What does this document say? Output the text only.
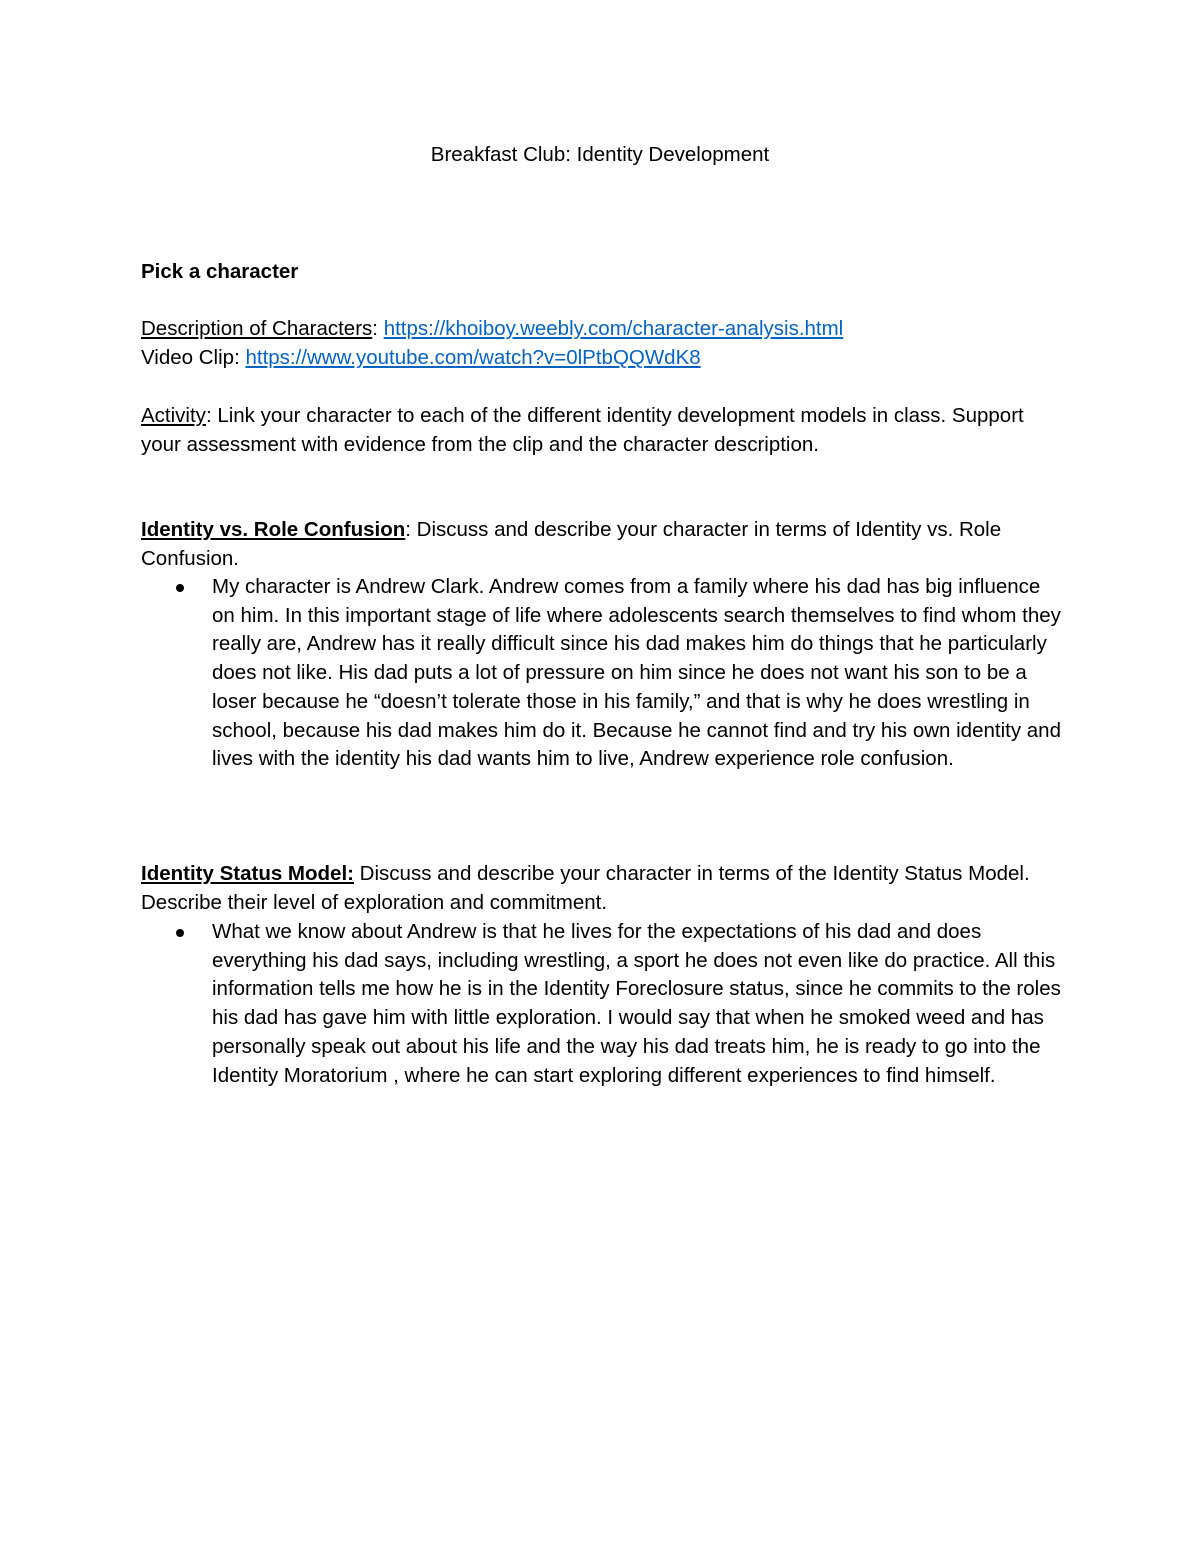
Breakfast Club: Identity Development
Pick a character
Description of Characters: https://khoiboy.weebly.com/character-analysis.html
Video Clip: https://www.youtube.com/watch?v=0lPtbQQWdK8
Activity: Link your character to each of the different identity development models in class. Support your assessment with evidence from the clip and the character description.
Identity vs. Role Confusion: Discuss and describe your character in terms of Identity vs. Role Confusion.
My character is Andrew Clark. Andrew comes from a family where his dad has big influence on him. In this important stage of life where adolescents search themselves to find whom they really are, Andrew has it really difficult since his dad makes him do things that he particularly does not like. His dad puts a lot of pressure on him since he does not want his son to be a loser because he “doesn’t tolerate those in his family,” and that is why he does wrestling in school, because his dad makes him do it. Because he cannot find and try his own identity and lives with the identity his dad wants him to live, Andrew experience role confusion.
Identity Status Model: Discuss and describe your character in terms of the Identity Status Model. Describe their level of exploration and commitment.
What we know about Andrew is that he lives for the expectations of his dad and does everything his dad says, including wrestling, a sport he does not even like do practice. All this information tells me how he is in the Identity Foreclosure status, since he commits to the roles his dad has gave him with little exploration. I would say that when he smoked weed and has personally speak out about his life and the way his dad treats him, he is ready to go into the Identity Moratorium , where he can start exploring different experiences to find himself.
